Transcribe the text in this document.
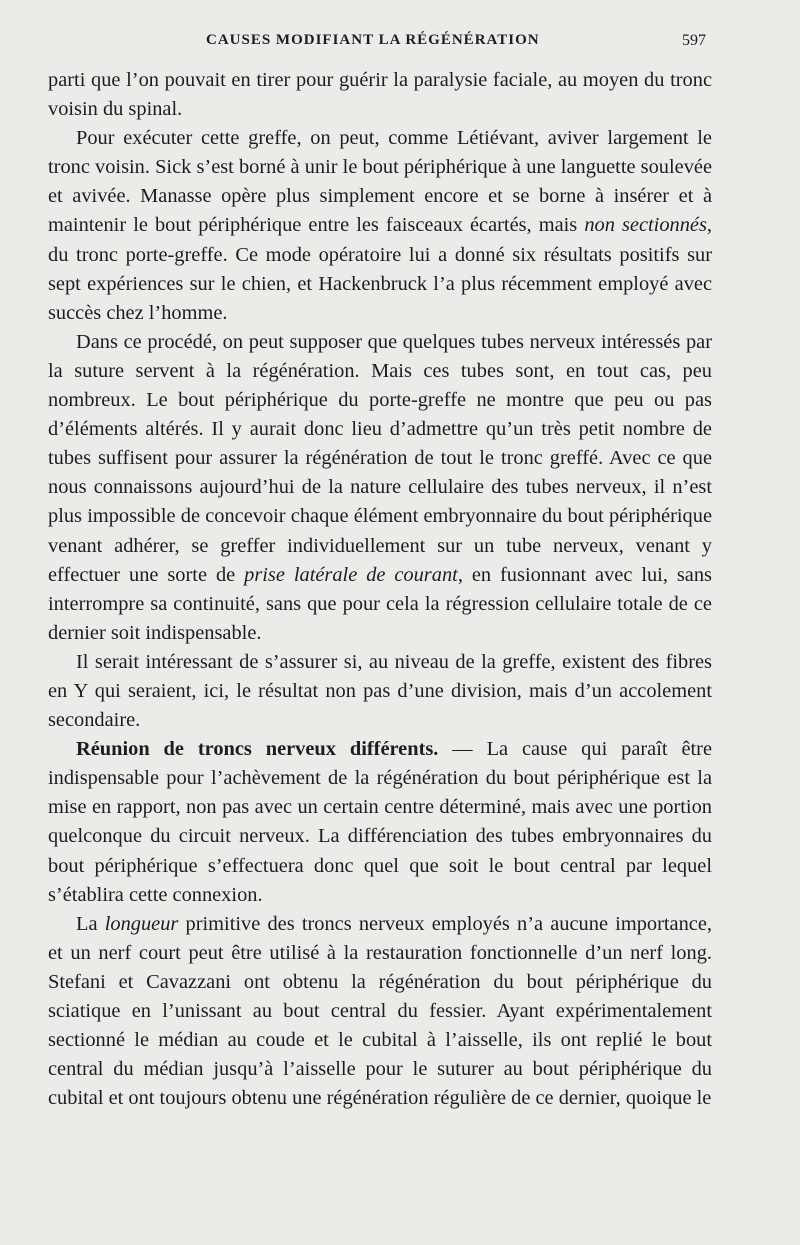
CAUSES MODIFIANT LA RÉGÉNÉRATION	597

parti que l’on pouvait en tirer pour guérir la paralysie faciale, au moyen du tronc voisin du spinal.

Pour exécuter cette greffe, on peut, comme Létiévant, aviver largement le tronc voisin. Sick s’est borné à unir le bout périphérique à une languette soulevée et avivée. Manasse opère plus simplement encore et se borne à insérer et à maintenir le bout périphérique entre les faisceaux écartés, mais non sectionnés, du tronc porte-greffe. Ce mode opératoire lui a donné six résultats positifs sur sept expériences sur le chien, et Hackenbruck l’a plus récemment employé avec succès chez l’homme.

Dans ce procédé, on peut supposer que quelques tubes nerveux intéressés par la suture servent à la régénération. Mais ces tubes sont, en tout cas, peu nombreux. Le bout périphérique du porte-greffe ne montre que peu ou pas d’éléments altérés. Il y aurait donc lieu d’admettre qu’un très petit nombre de tubes suffisent pour assurer la régénération de tout le tronc greffé. Avec ce que nous connaissons aujourd’hui de la nature cellulaire des tubes nerveux, il n’est plus impossible de concevoir chaque élément embryonnaire du bout périphérique venant adhérer, se greffer individuellement sur un tube nerveux, venant y effectuer une sorte de prise latérale de courant, en fusionnant avec lui, sans interrompre sa continuité, sans que pour cela la régression cellulaire totale de ce dernier soit indispensable.

Il serait intéressant de s’assurer si, au niveau de la greffe, existent des fibres en Y qui seraient, ici, le résultat non pas d’une division, mais d’un accolement secondaire.

Réunion de troncs nerveux différents. — La cause qui paraît être indispensable pour l’achèvement de la régénération du bout périphérique est la mise en rapport, non pas avec un certain centre déterminé, mais avec une portion quelconque du circuit nerveux. La différenciation des tubes embryonnaires du bout périphérique s’effectuera donc quel que soit le bout central par lequel s’établira cette connexion.

La longueur primitive des troncs nerveux employés n’a aucune importance, et un nerf court peut être utilisé à la restauration fonctionnelle d’un nerf long. Stefani et Cavazzani ont obtenu la régénération du bout périphérique du sciatique en l’unissant au bout central du fessier. Ayant expérimentalement sectionné le médian au coude et le cubital à l’aisselle, ils ont replié le bout central du médian jusqu’à l’aisselle pour le suturer au bout périphérique du cubital et ont toujours obtenu une régénération régulière de ce dernier, quoique le
